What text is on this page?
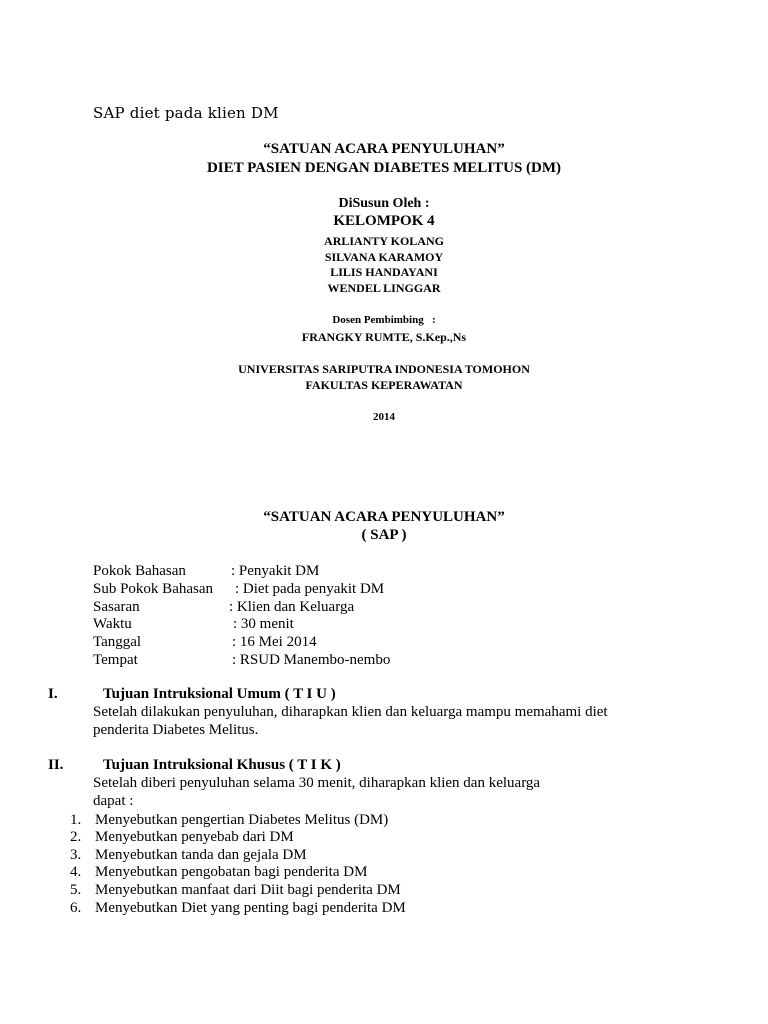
SAP diet pada klien DM
“SATUAN ACARA PENYULUHAN”
DIET PASIEN DENGAN DIABETES MELITUS (DM)
DiSusun Oleh :
KELOMPOK 4
ARLIANTY KOLANG
SILVANA KARAMOY
LILIS HANDAYANI
WENDEL LINGGAR
Dosen Pembimbing   :
FRANGKY RUMTE, S.Kep.,Ns
UNIVERSITAS SARIPUTRA INDONESIA TOMOHON
FAKULTAS KEPERAWATAN
2014
“SATUAN ACARA PENYULUHAN”
( SAP )
Pokok Bahasan	: Penyakit DM
Sub Pokok Bahasan : Diet pada penyakit DM
Sasaran	: Klien dan Keluarga
Waktu	: 30 menit
Tanggal	: 16 Mei 2014
Tempat	: RSUD Manembo-nembo
I.	Tujuan Intruksional Umum ( T I U )
Setelah dilakukan penyuluhan, diharapkan klien dan keluarga mampu memahami diet
penderita Diabetes Melitus.
II.	Tujuan Intruksional Khusus ( T I K )
Setelah diberi penyuluhan selama 30 menit, diharapkan klien dan keluarga
dapat :
1. Menyebutkan pengertian Diabetes Melitus (DM)
2. Menyebutkan penyebab dari DM
3. Menyebutkan tanda dan gejala DM
4. Menyebutkan pengobatan bagi penderita DM
5. Menyebutkan manfaat dari Diit bagi penderita DM
6. Menyebutkan Diet yang penting bagi penderita DM
